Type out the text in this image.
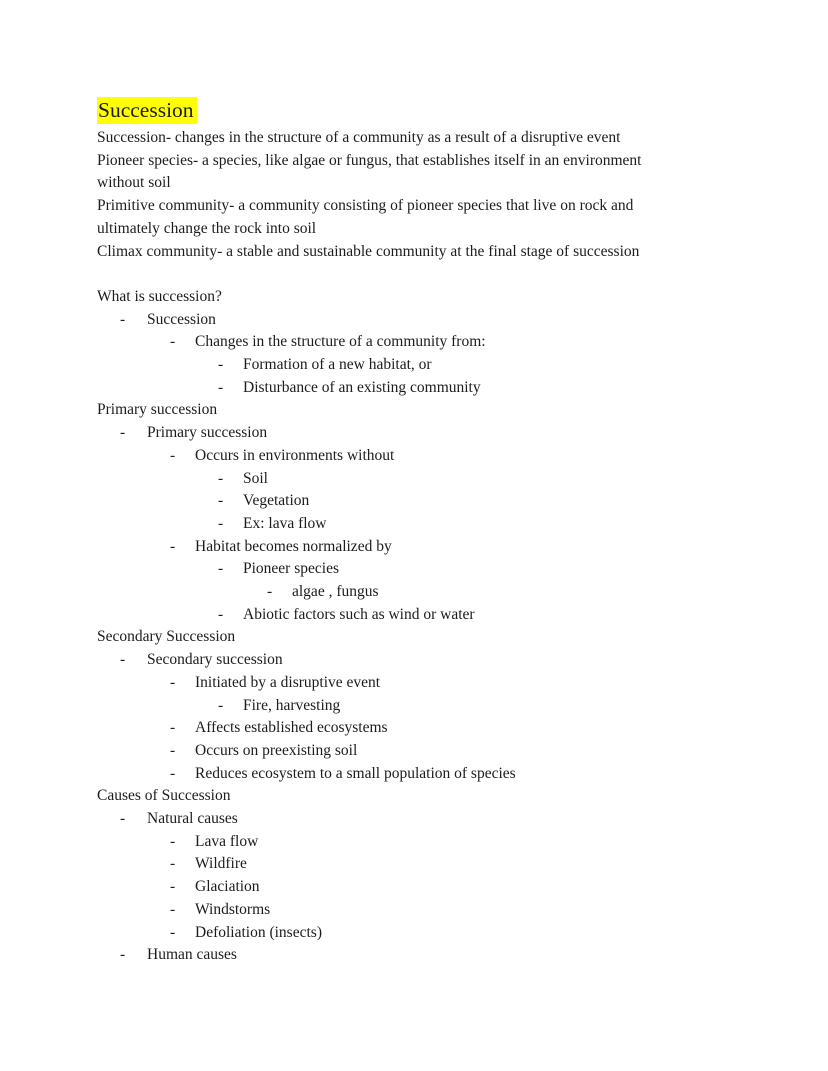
Succession
Succession- changes in the structure of a community as a result of a disruptive event
Pioneer species- a species, like algae or fungus, that establishes itself in an environment
without soil
Primitive community- a community consisting of pioneer species that live on rock and
ultimately change the rock into soil
Climax community- a stable and sustainable community at the final stage of succession
What is succession?
- Succession
- Changes in the structure of a community from:
- Formation of a new habitat, or
- Disturbance of an existing community
Primary succession
- Primary succession
- Occurs in environments without
- Soil
- Vegetation
- Ex: lava flow
- Habitat becomes normalized by
- Pioneer species
- algae , fungus
- Abiotic factors such as wind or water
Secondary Succession
- Secondary succession
- Initiated by a disruptive event
- Fire, harvesting
- Affects established ecosystems
- Occurs on preexisting soil
- Reduces ecosystem to a small population of species
Causes of Succession
- Natural causes
- Lava flow
- Wildfire
- Glaciation
- Windstorms
- Defoliation (insects)
- Human causes
